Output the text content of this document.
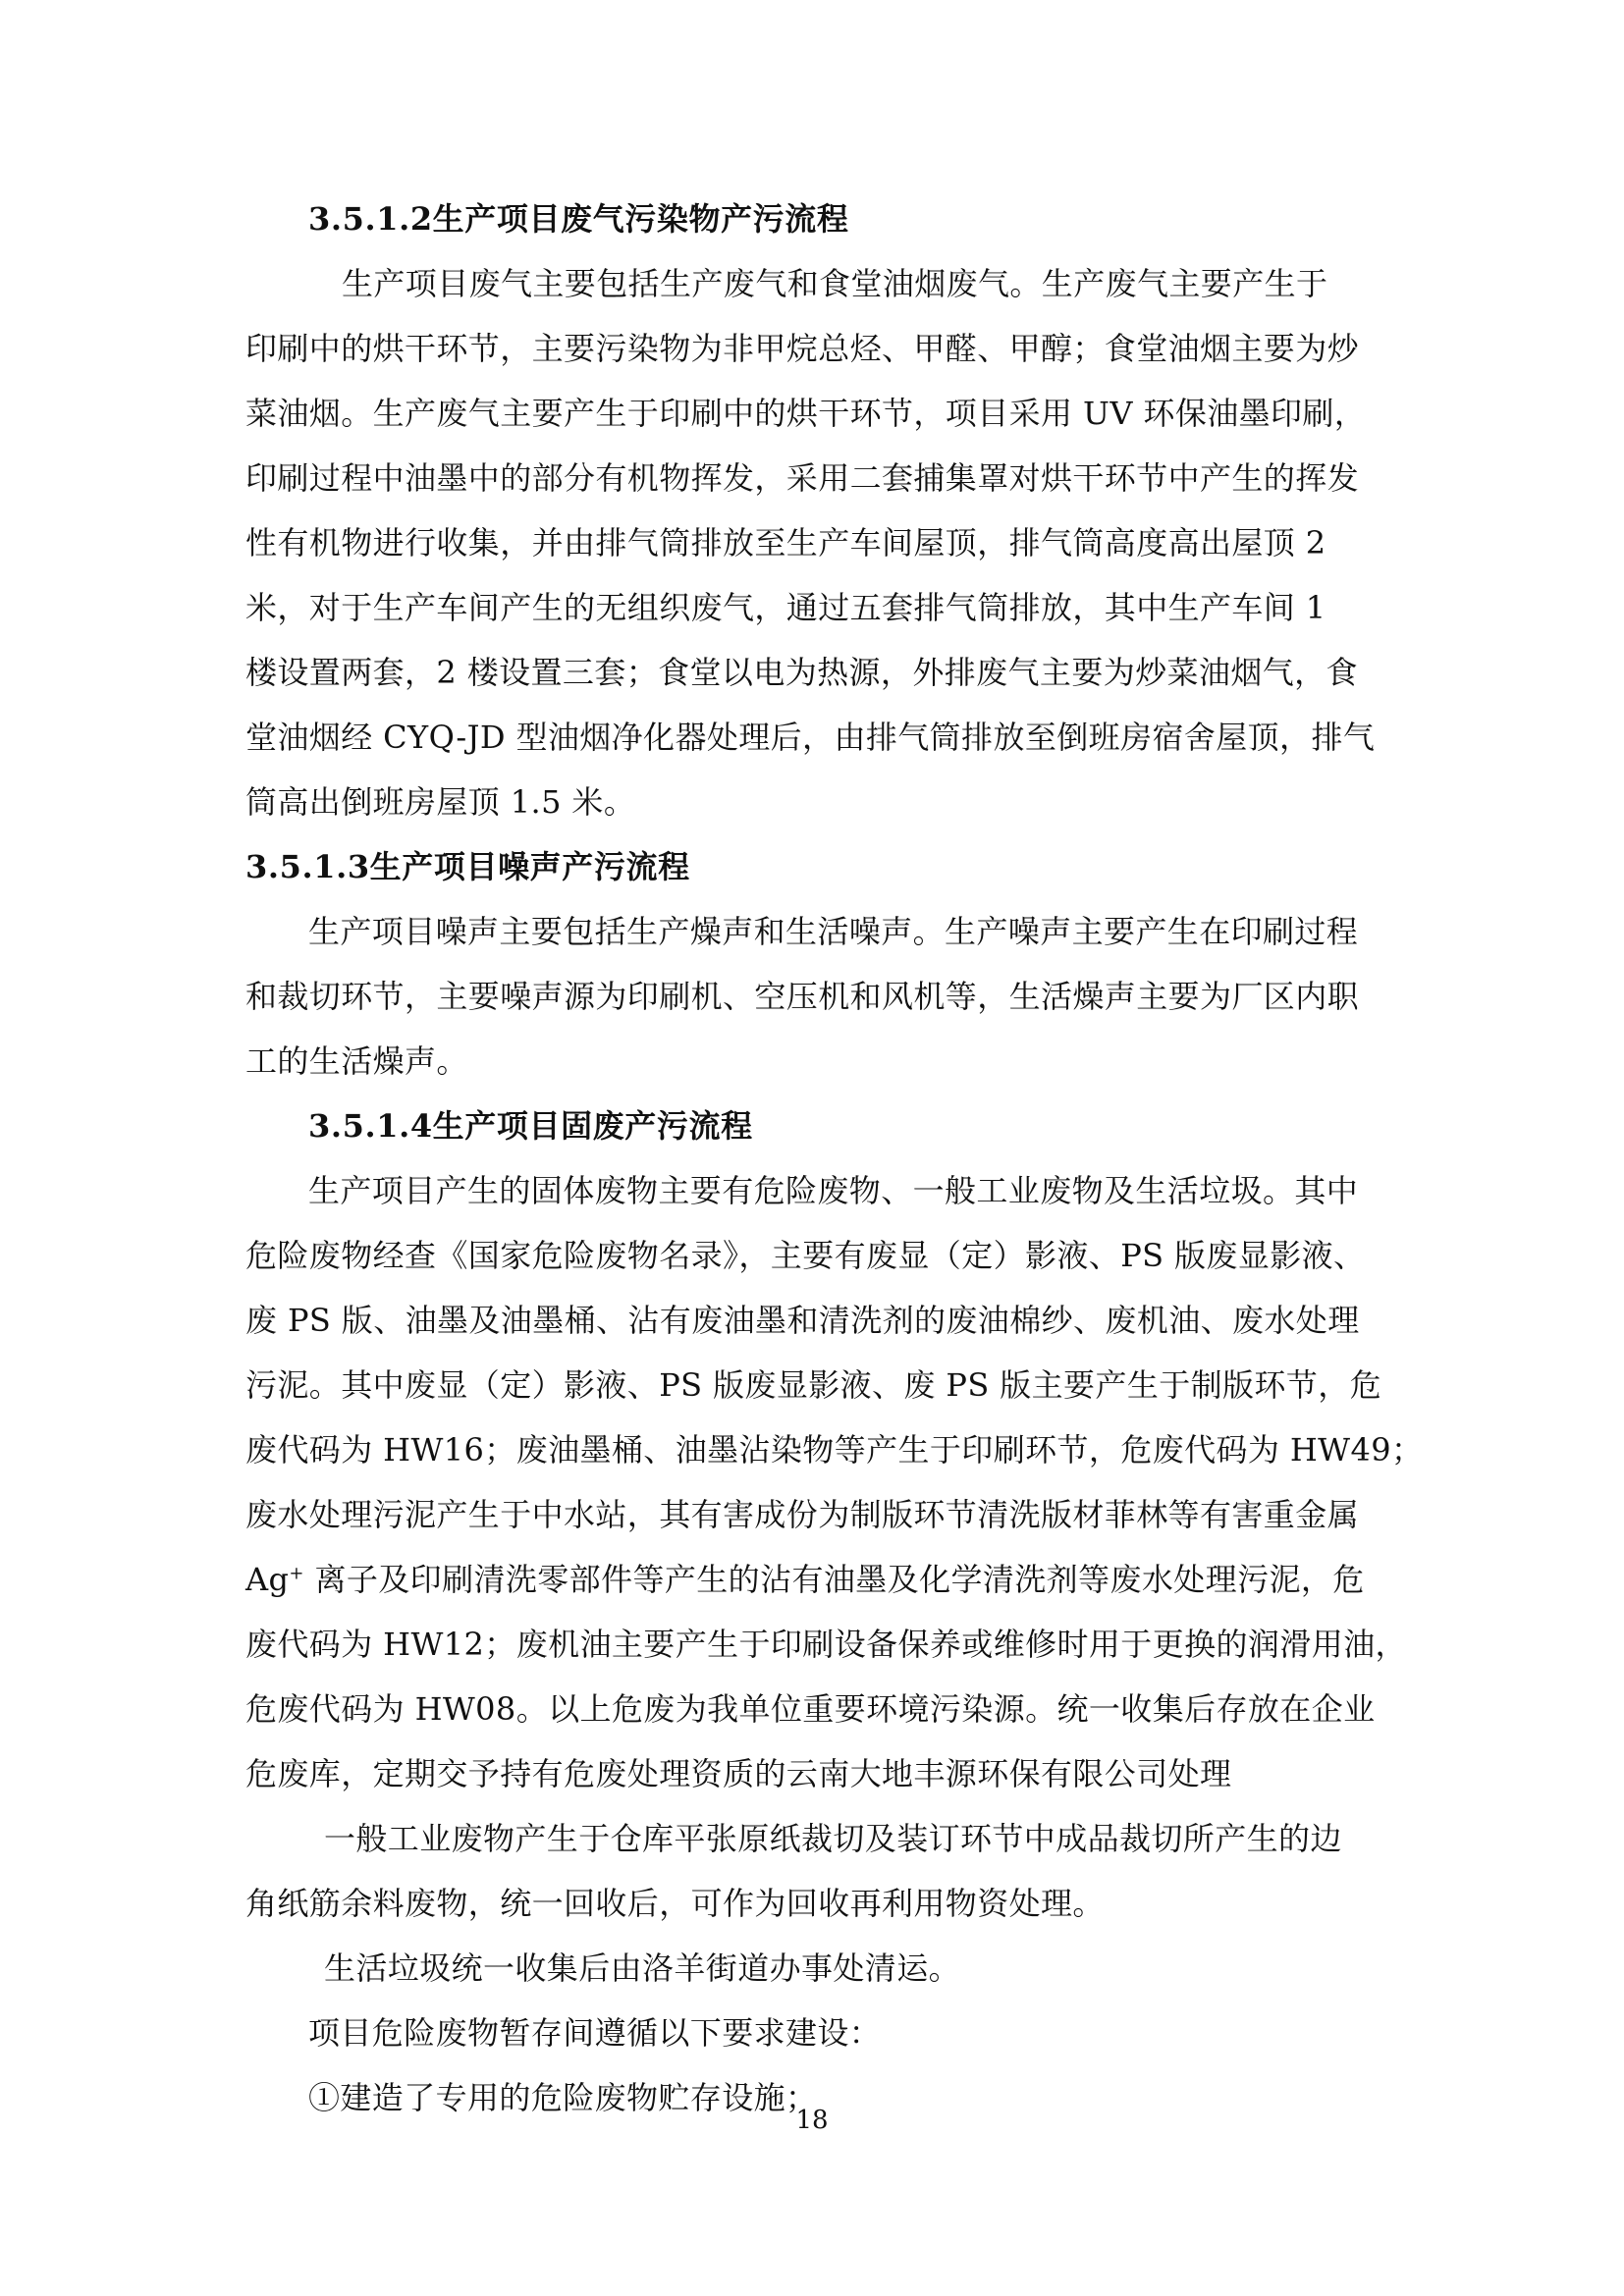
3.5.1.2生产项目废气污染物产污流程
生产项目废气主要包括生产废气和食堂油烟废气。生产废气主要产生于
印刷中的烘干环节，主要污染物为非甲烷总烃、甲醛、甲醇；食堂油烟主要为炒
菜油烟。生产废气主要产生于印刷中的烘干环节，项目采用 UV 环保油墨印刷，
印刷过程中油墨中的部分有机物挥发，采用二套捕集罩对烘干环节中产生的挥发
性有机物进行收集，并由排气筒排放至生产车间屋顶，排气筒高度高出屋顶 2
米，对于生产车间产生的无组织废气，通过五套排气筒排放，其中生产车间 1
楼设置两套，2 楼设置三套；食堂以电为热源，外排废气主要为炒菜油烟气，食
堂油烟经 CYQ-JD 型油烟净化器处理后，由排气筒排放至倒班房宿舍屋顶，排气
筒高出倒班房屋顶 1.5 米。
3.5.1.3生产项目噪声产污流程
生产项目噪声主要包括生产燥声和生活噪声。生产噪声主要产生在印刷过程
和裁切环节，主要噪声源为印刷机、空压机和风机等，生活燥声主要为厂区内职
工的生活燥声。
3.5.1.4生产项目固废产污流程
生产项目产生的固体废物主要有危险废物、一般工业废物及生活垃圾。其中
危险废物经查《国家危险废物名录》，主要有废显（定）影液、PS 版废显影液、
废 PS 版、油墨及油墨桶、沾有废油墨和清洗剂的废油棉纱、废机油、废水处理
污泥。其中废显（定）影液、PS 版废显影液、废 PS 版主要产生于制版环节，危
废代码为 HW16；废油墨桶、油墨沾染物等产生于印刷环节，危废代码为 HW49；
废水处理污泥产生于中水站，其有害成份为制版环节清洗版材菲林等有害重金属
Ag+ 离子及印刷清洗零部件等产生的沾有油墨及化学清洗剂等废水处理污泥，危
废代码为 HW12；废机油主要产生于印刷设备保养或维修时用于更换的润滑用油，
危废代码为 HW08。以上危废为我单位重要环境污染源。统一收集后存放在企业
危废库，定期交予持有危废处理资质的云南大地丰源环保有限公司处理
一般工业废物产生于仓库平张原纸裁切及装订环节中成品裁切所产生的边
角纸筋余料废物，统一回收后，可作为回收再利用物资处理。
生活垃圾统一收集后由洛羊街道办事处清运。
项目危险废物暂存间遵循以下要求建设：
①建造了专用的危险废物贮存设施；
18
